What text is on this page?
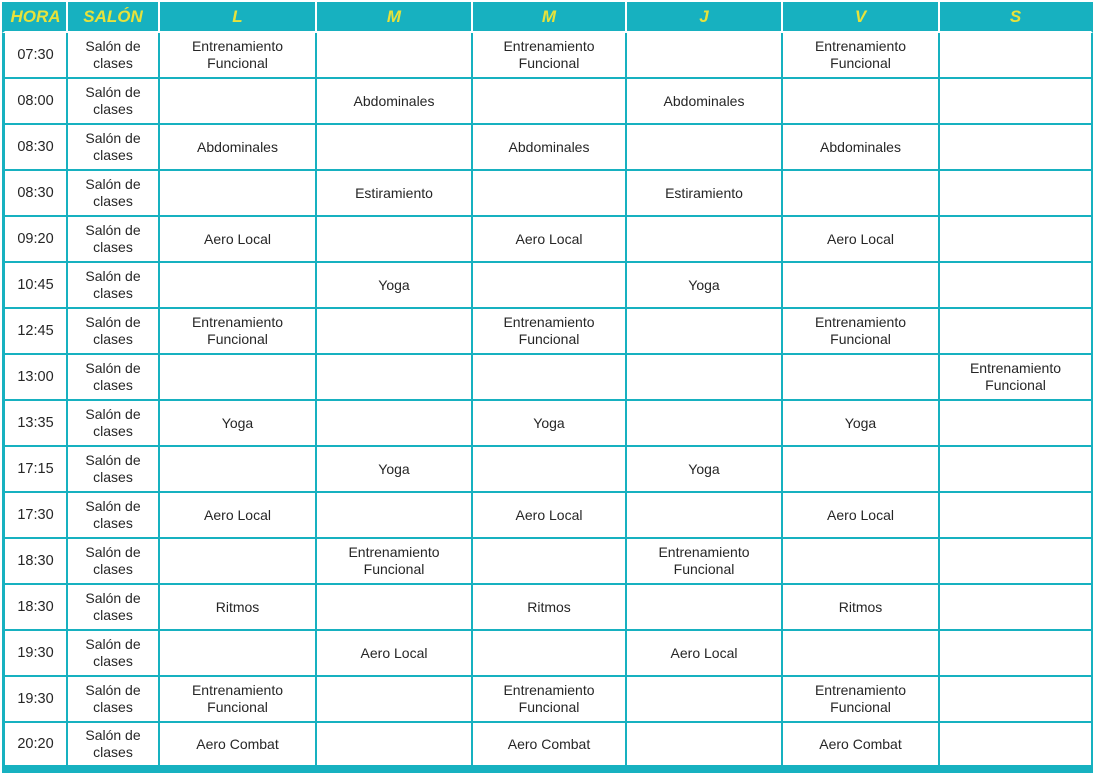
HORA	SALÓN	L	M	M	J	V	S
07:30	Salón de clases	Entrenamiento Funcional		Entrenamiento Funcional		Entrenamiento Funcional	
08:00	Salón de clases		Abdominales		Abdominales		
08:30	Salón de clases	Abdominales		Abdominales		Abdominales	
08:30	Salón de clases		Estiramiento		Estiramiento		
09:20	Salón de clases	Aero Local		Aero Local		Aero Local	
10:45	Salón de clases		Yoga		Yoga		
12:45	Salón de clases	Entrenamiento Funcional		Entrenamiento Funcional		Entrenamiento Funcional	
13:00	Salón de clases						Entrenamiento Funcional
13:35	Salón de clases	Yoga		Yoga		Yoga	
17:15	Salón de clases		Yoga		Yoga		
17:30	Salón de clases	Aero Local		Aero Local		Aero Local	
18:30	Salón de clases		Entrenamiento Funcional		Entrenamiento Funcional		
18:30	Salón de clases	Ritmos		Ritmos		Ritmos	
19:30	Salón de clases		Aero Local		Aero Local		
19:30	Salón de clases	Entrenamiento Funcional		Entrenamiento Funcional		Entrenamiento Funcional	
20:20	Salón de clases	Aero Combat		Aero Combat		Aero Combat	
